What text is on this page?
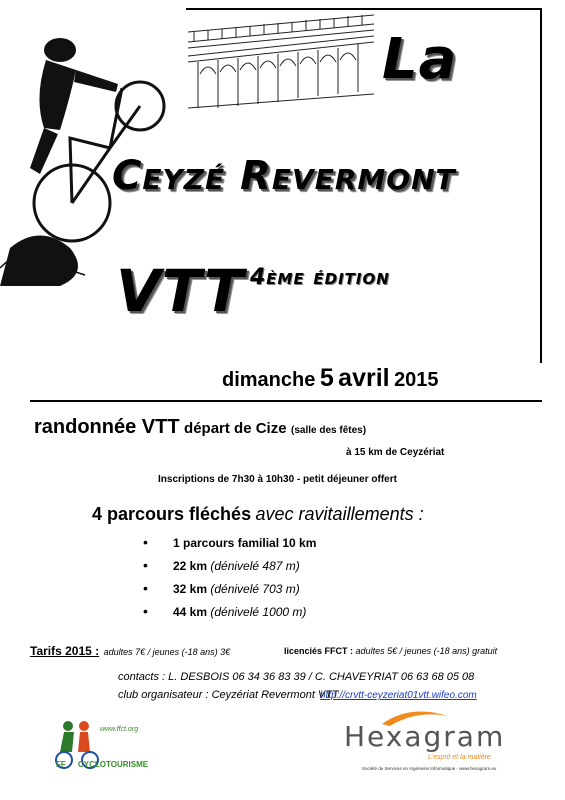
La
Ceyzé Revermont
VTT 4ème édition
dimanche 5 avril 2015
randonnée VTT départ de Cize (salle des fêtes)
à 15 km de Ceyzériat
Inscriptions de 7h30 à 10h30 - petit déjeuner offert
4 parcours fléchés avec ravitaillements :
• 1 parcours familial 10 km
• 22 km (dénivelé 487 m)
• 32 km (dénivelé 703 m)
• 44 km (dénivelé 1000 m)
Tarifs 2015 : adultes 7€ / jeunes (-18 ans) 3€	licenciés FFCT : adultes 5€ / jeunes (-18 ans) gratuit
contacts : L. DESBOIS 06 34 36 83 39 / C. CHAVEYRIAT 06 63 68 05 08
club organisateur : Ceyzériat Revermont VTT
http://crvtt-ceyzeriat01vtt.wifeo.com
www.ffct.org
FF CYCLOTOURISME
Hexagram
L'esprit et la matière
Société de Services en Ingénierie Informatique - www.hexagram.eu
